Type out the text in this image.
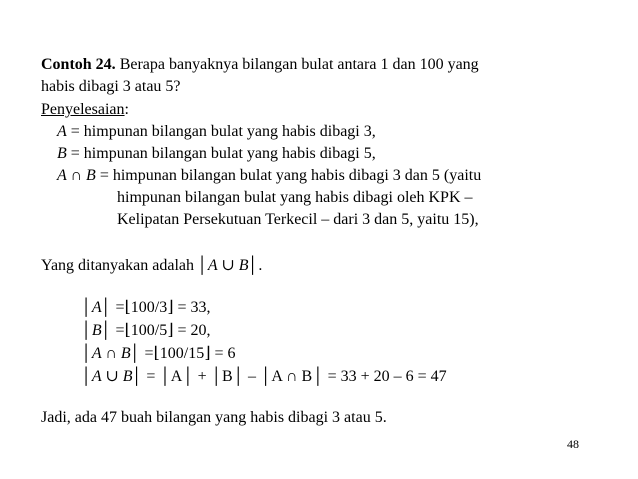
Contoh 24. Berapa banyaknya bilangan bulat antara 1 dan 100 yang
habis dibagi 3 atau 5?
Penyelesaian:
A = himpunan bilangan bulat yang habis dibagi 3,
B = himpunan bilangan bulat yang habis dibagi 5,
A ∩ B = himpunan bilangan bulat yang habis dibagi 3 dan 5 (yaitu
himpunan bilangan bulat yang habis dibagi oleh KPK –
Kelipatan Persekutuan Terkecil – dari 3 dan 5, yaitu 15),
Yang ditanyakan adalah │A ∪ B│.
│A│ =⌊100/3⌋ = 33,
│B│ =⌊100/5⌋ = 20,
│A ∩ B│ =⌊100/15⌋ = 6
│A ∪ B│ = │A│ + │B│ – │A ∩ B│ = 33 + 20 – 6 = 47
Jadi, ada 47 buah bilangan yang habis dibagi 3 atau 5.
48
